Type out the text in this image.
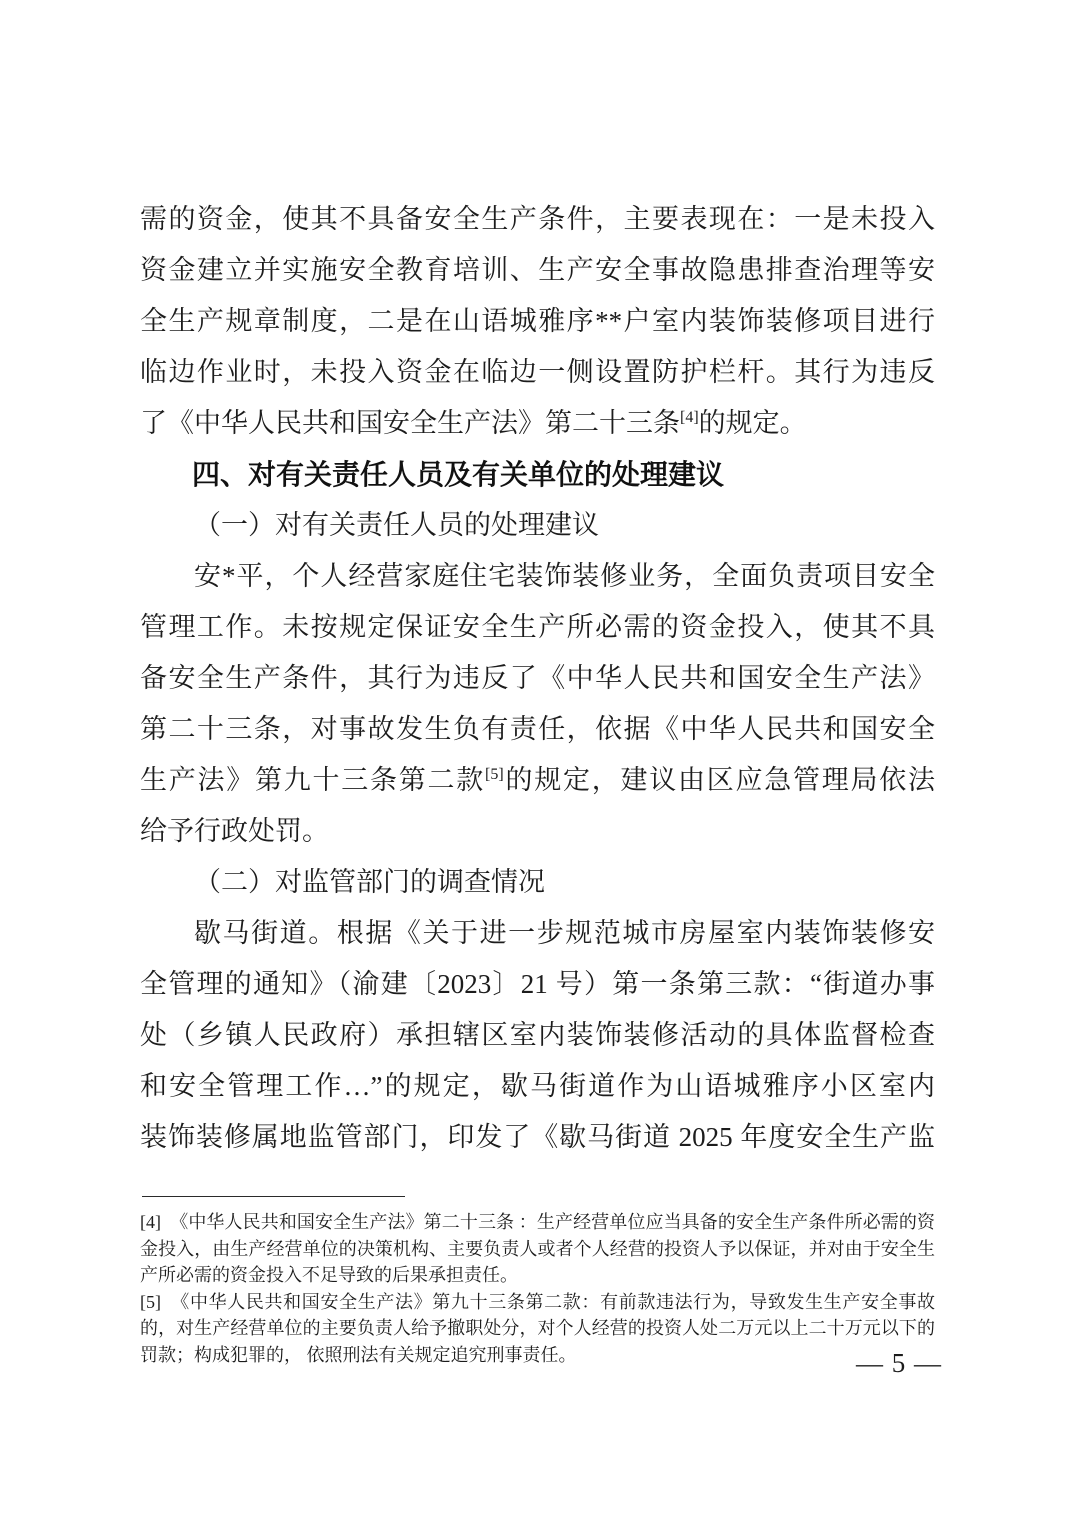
需的资金，使其不具备安全生产条件，主要表现在：一是未投入
资金建立并实施安全教育培训、生产安全事故隐患排查治理等安
全生产规章制度，二是在山语城雅序**户室内装饰装修项目进行
临边作业时，未投入资金在临边一侧设置防护栏杆。其行为违反
了《中华人民共和国安全生产法》第二十三条[4]的规定。
四、对有关责任人员及有关单位的处理建议
（一）对有关责任人员的处理建议
安*平，个人经营家庭住宅装饰装修业务，全面负责项目安全
管理工作。未按规定保证安全生产所必需的资金投入，使其不具
备安全生产条件，其行为违反了《中华人民共和国安全生产法》
第二十三条，对事故发生负有责任，依据《中华人民共和国安全
生产法》第九十三条第二款[5]的规定，建议由区应急管理局依法
给予行政处罚。
（二）对监管部门的调查情况
歇马街道。根据《关于进一步规范城市房屋室内装饰装修安
全管理的通知》（渝建〔2023〕21 号）第一条第三款：“街道办事
处（乡镇人民政府）承担辖区室内装饰装修活动的具体监督检查
和安全管理工作…”的规定，歇马街道作为山语城雅序小区室内
装饰装修属地监管部门，印发了《歇马街道 2025 年度安全生产监

[4] 《中华人民共和国安全生产法》第二十三条 ：生产经营单位应当具备的安全生产条件所必需的资金投入，由生产经营单位的决策机构、主要负责人或者个人经营的投资人予以保证，并对由于安全生产所必需的资金投入不足导致的后果承担责任。

[5] 《中华人民共和国安全生产法》第九十三条第二款：有前款违法行为，导致发生生产安全事故的，对生产经营单位的主要负责人给予撤职处分，对个人经营的投资人处二万元以上二十万元以下的罚款；构成犯罪的， 依照刑法有关规定追究刑事责任。	— 5 —
